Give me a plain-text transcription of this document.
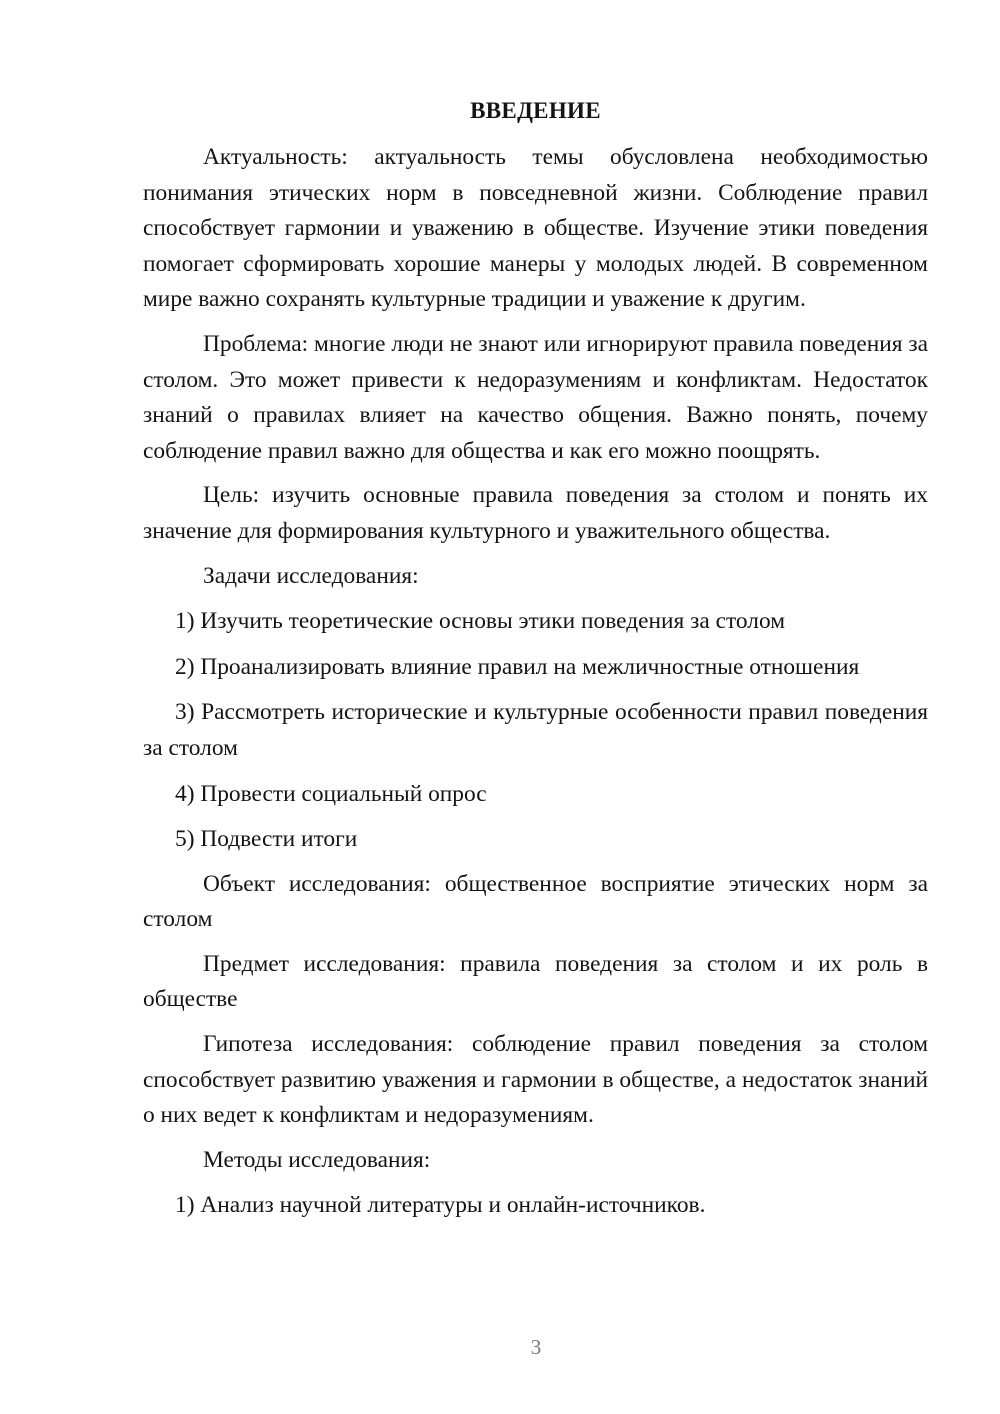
ВВЕДЕНИЕ

Актуальность: актуальность темы обусловлена необходимостью понимания этических норм в повседневной жизни. Соблюдение правил способствует гармонии и уважению в обществе. Изучение этики поведения помогает сформировать хорошие манеры у молодых людей. В современном мире важно сохранять культурные традиции и уважение к другим.

Проблема: многие люди не знают или игнорируют правила поведения за столом. Это может привести к недоразумениям и конфликтам. Недостаток знаний о правилах влияет на качество общения. Важно понять, почему соблюдение правил важно для общества и как его можно поощрять.

Цель: изучить основные правила поведения за столом и понять их значение для формирования культурного и уважительного общества.

Задачи исследования:

1) Изучить теоретические основы этики поведения за столом

2) Проанализировать влияние правил на межличностные отношения

3) Рассмотреть исторические и культурные особенности правил поведения за столом

4) Провести социальный опрос

5) Подвести итоги

Объект исследования: общественное восприятие этических норм за столом

Предмет исследования: правила поведения за столом и их роль в обществе

Гипотеза исследования: соблюдение правил поведения за столом способствует развитию уважения и гармонии в обществе, а недостаток знаний о них ведет к конфликтам и недоразумениям.

Методы исследования:

1) Анализ научной литературы и онлайн-источников.

3
